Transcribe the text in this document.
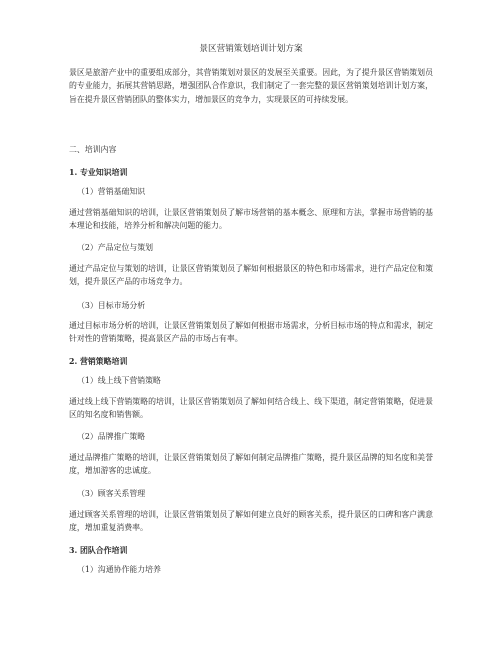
景区营销策划培训计划方案
景区是旅游产业中的重要组成部分，其营销策划对景区的发展至关重要。因此，为了提升景区营销策划员的专业能力，拓展其营销思路，增强团队合作意识，我们制定了一套完整的景区营销策划培训计划方案，旨在提升景区营销团队的整体实力，增加景区的竞争力，实现景区的可持续发展。
二、培训内容
1. 专业知识培训
（1）营销基础知识
通过营销基础知识的培训，让景区营销策划员了解市场营销的基本概念、原理和方法，掌握市场营销的基本理论和技能，培养分析和解决问题的能力。
（2）产品定位与策划
通过产品定位与策划的培训，让景区营销策划员了解如何根据景区的特色和市场需求，进行产品定位和策划，提升景区产品的市场竞争力。
（3）目标市场分析
通过目标市场分析的培训，让景区营销策划员了解如何根据市场需求，分析目标市场的特点和需求，制定针对性的营销策略，提高景区产品的市场占有率。
2. 营销策略培训
（1）线上线下营销策略
通过线上线下营销策略的培训，让景区营销策划员了解如何结合线上、线下渠道，制定营销策略，促进景区的知名度和销售额。
（2）品牌推广策略
通过品牌推广策略的培训，让景区营销策划员了解如何制定品牌推广策略，提升景区品牌的知名度和美誉度，增加游客的忠诚度。
（3）顾客关系管理
通过顾客关系管理的培训，让景区营销策划员了解如何建立良好的顾客关系，提升景区的口碑和客户满意度，增加重复消费率。
3. 团队合作培训
（1）沟通协作能力培养
